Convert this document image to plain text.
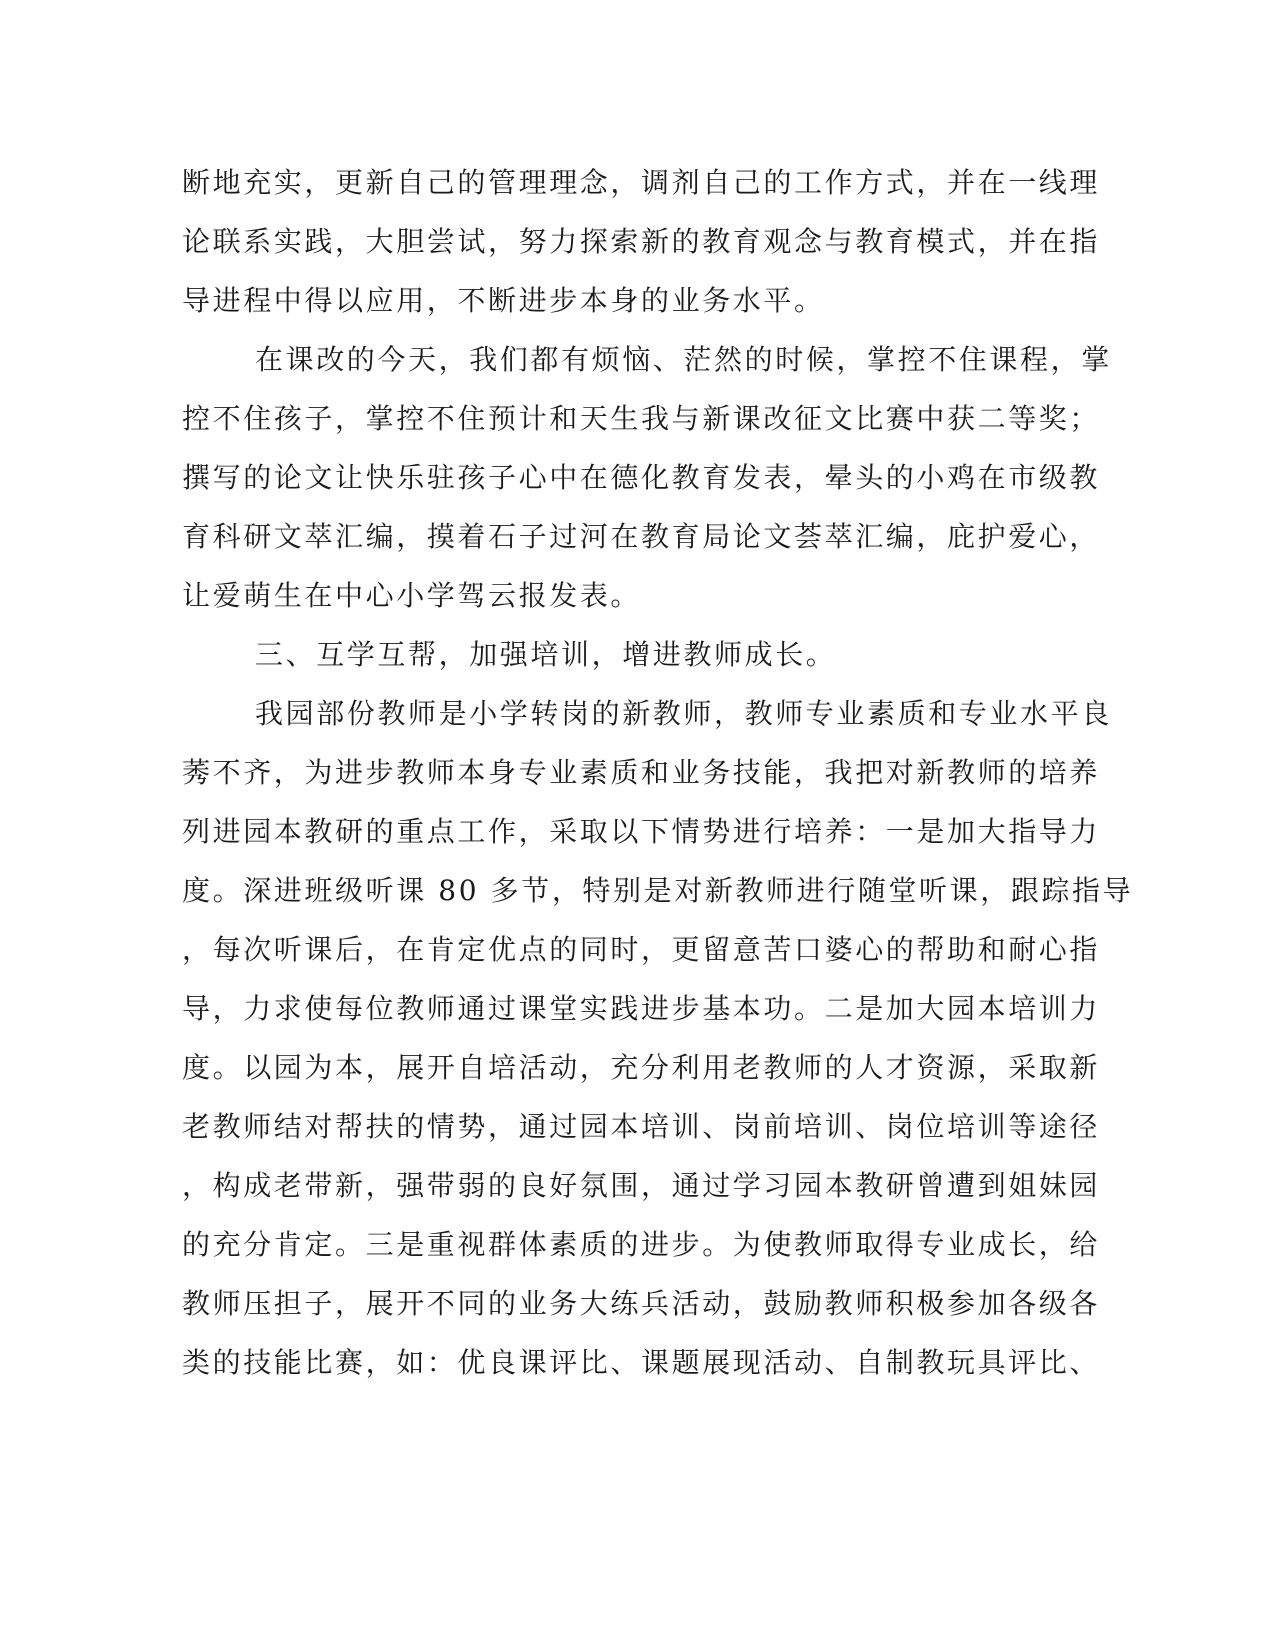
断地充实，更新自己的管理理念，调剂自己的工作方式，并在一线理
论联系实践，大胆尝试，努力探索新的教育观念与教育模式，并在指
导进程中得以应用，不断进步本身的业务水平。
在课改的今天，我们都有烦恼、茫然的时候，掌控不住课程，掌
控不住孩子，掌控不住预计和天生我与新课改征文比赛中获二等奖；
撰写的论文让快乐驻孩子心中在德化教育发表，晕头的小鸡在市级教
育科研文萃汇编，摸着石子过河在教育局论文荟萃汇编，庇护爱心，
让爱萌生在中心小学驾云报发表。
三、互学互帮，加强培训，增进教师成长。
我园部份教师是小学转岗的新教师，教师专业素质和专业水平良
莠不齐，为进步教师本身专业素质和业务技能，我把对新教师的培养
列进园本教研的重点工作，采取以下情势进行培养：一是加大指导力
度。深进班级听课 80 多节，特别是对新教师进行随堂听课，跟踪指导
，每次听课后，在肯定优点的同时，更留意苦口婆心的帮助和耐心指
导，力求使每位教师通过课堂实践进步基本功。二是加大园本培训力
度。以园为本，展开自培活动，充分利用老教师的人才资源，采取新
老教师结对帮扶的情势，通过园本培训、岗前培训、岗位培训等途径
，构成老带新，强带弱的良好氛围，通过学习园本教研曾遭到姐妹园
的充分肯定。三是重视群体素质的进步。为使教师取得专业成长，给
教师压担子，展开不同的业务大练兵活动，鼓励教师积极参加各级各
类的技能比赛，如：优良课评比、课题展现活动、自制教玩具评比、
